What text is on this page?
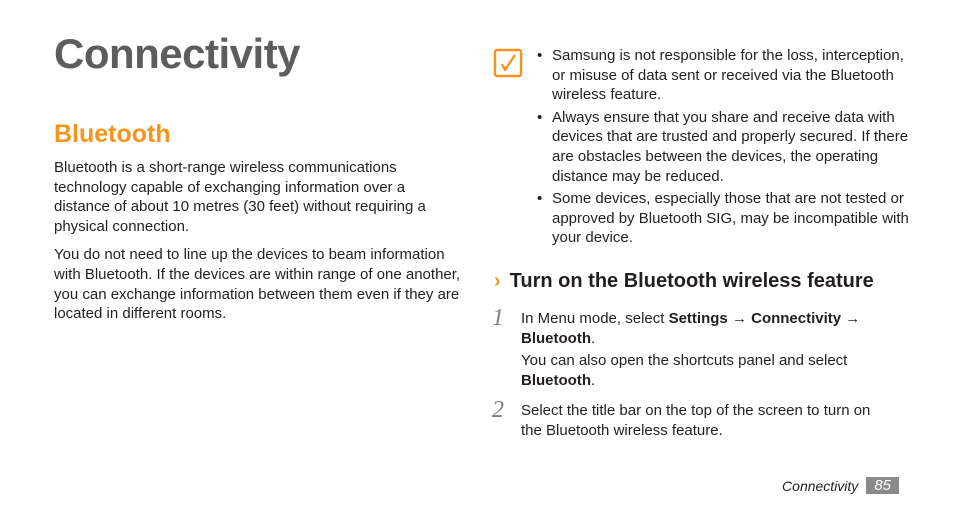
Connectivity
Bluetooth

Bluetooth is a short-range wireless communications technology capable of exchanging information over a distance of about 10 metres (30 feet) without requiring a physical connection.

You do not need to line up the devices to beam information with Bluetooth. If the devices are within range of one another, you can exchange information between them even if they are located in different rooms.

• Samsung is not responsible for the loss, interception, or misuse of data sent or received via the Bluetooth wireless feature.
• Always ensure that you share and receive data with devices that are trusted and properly secured. If there are obstacles between the devices, the operating distance may be reduced.
• Some devices, especially those that are not tested or approved by Bluetooth SIG, may be incompatible with your device.
› Turn on the Bluetooth wireless feature
1 In Menu mode, select Settings → Connectivity → Bluetooth.

You can also open the shortcuts panel and select Bluetooth.

2 Select the title bar on the top of the screen to turn on the Bluetooth wireless feature.

Connectivity	85
